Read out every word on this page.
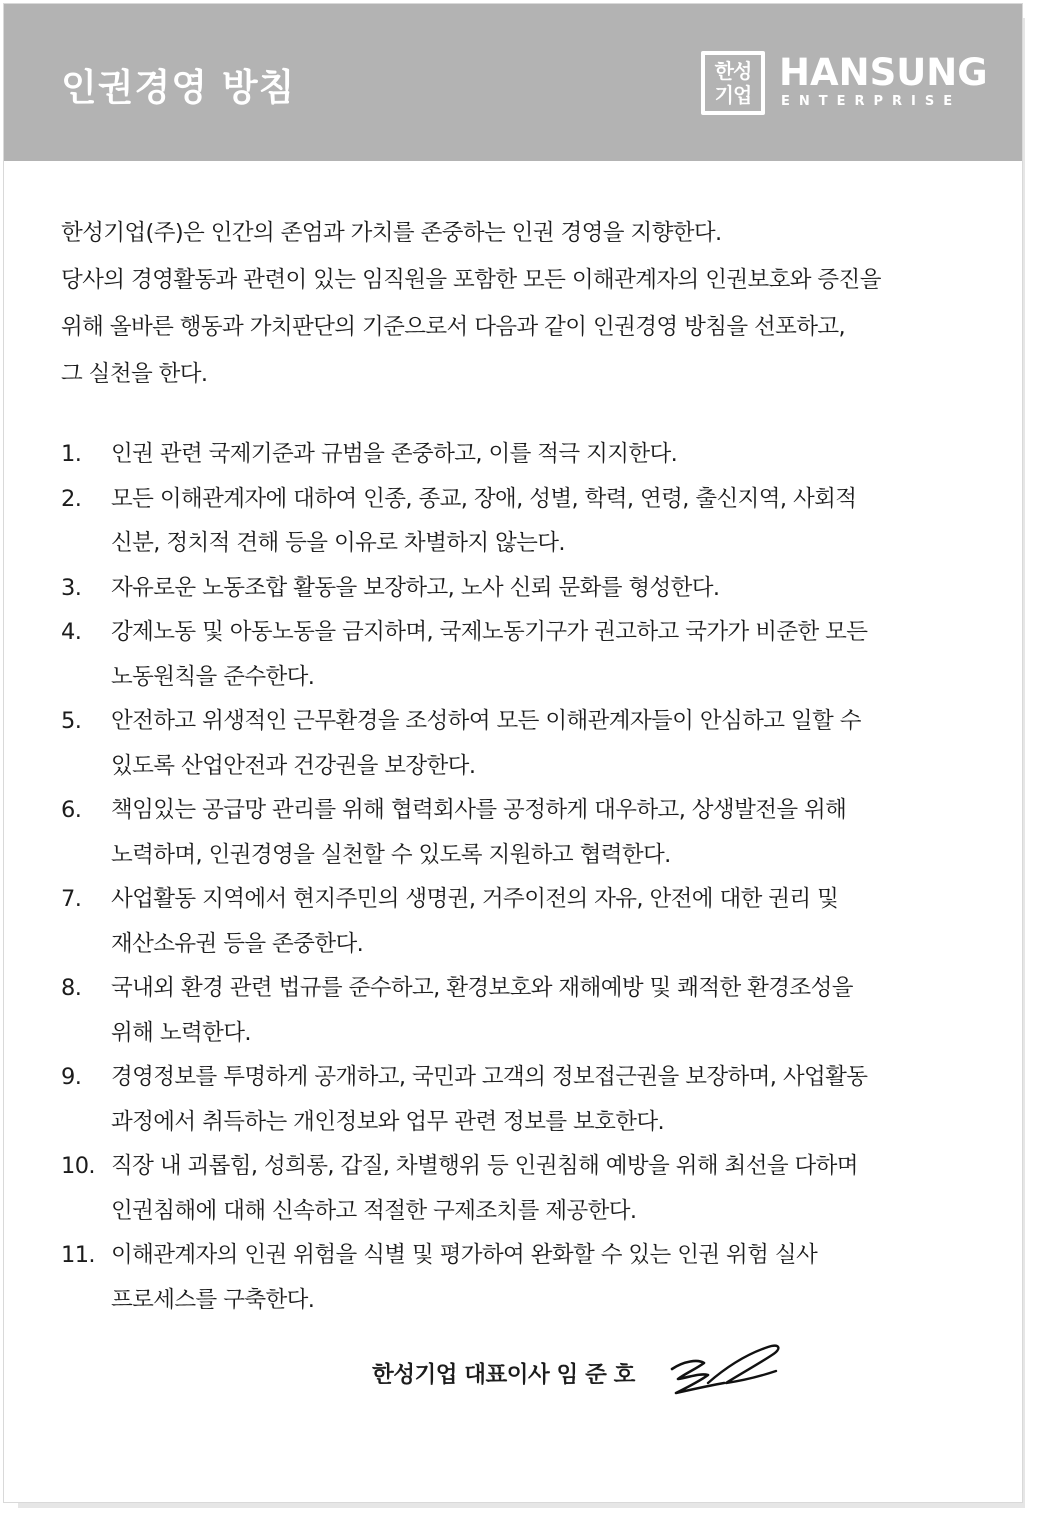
인권경영 방침	한성
기업
HANSUNG
ENTERPRISE
한성기업(주)은 인간의 존엄과 가치를 존중하는 인권 경영을 지향한다.
당사의 경영활동과 관련이 있는 임직원을 포함한 모든 이해관계자의 인권보호와 증진을
위해 올바른 행동과 가치판단의 기준으로서 다음과 같이 인권경영 방침을 선포하고,
그 실천을 한다.
1. 인권 관련 국제기준과 규범을 존중하고, 이를 적극 지지한다.
2. 모든 이해관계자에 대하여 인종, 종교, 장애, 성별, 학력, 연령, 출신지역, 사회적
신분, 정치적 견해 등을 이유로 차별하지 않는다.
3. 자유로운 노동조합 활동을 보장하고, 노사 신뢰 문화를 형성한다.
4. 강제노동 및 아동노동을 금지하며, 국제노동기구가 권고하고 국가가 비준한 모든
노동원칙을 준수한다.
5. 안전하고 위생적인 근무환경을 조성하여 모든 이해관계자들이 안심하고 일할 수
있도록 산업안전과 건강권을 보장한다.
6. 책임있는 공급망 관리를 위해 협력회사를 공정하게 대우하고, 상생발전을 위해
노력하며, 인권경영을 실천할 수 있도록 지원하고 협력한다.
7. 사업활동 지역에서 현지주민의 생명권, 거주이전의 자유, 안전에 대한 권리 및
재산소유권 등을 존중한다.
8. 국내외 환경 관련 법규를 준수하고, 환경보호와 재해예방 및 쾌적한 환경조성을
위해 노력한다.
9. 경영정보를 투명하게 공개하고, 국민과 고객의 정보접근권을 보장하며, 사업활동
과정에서 취득하는 개인정보와 업무 관련 정보를 보호한다.
10. 직장 내 괴롭힘, 성희롱, 갑질, 차별행위 등 인권침해 예방을 위해 최선을 다하며
인권침해에 대해 신속하고 적절한 구제조치를 제공한다.
11. 이해관계자의 인권 위험을 식별 및 평가하여 완화할 수 있는 인권 위험 실사
프로세스를 구축한다.
한성기업 대표이사 임 준 호
